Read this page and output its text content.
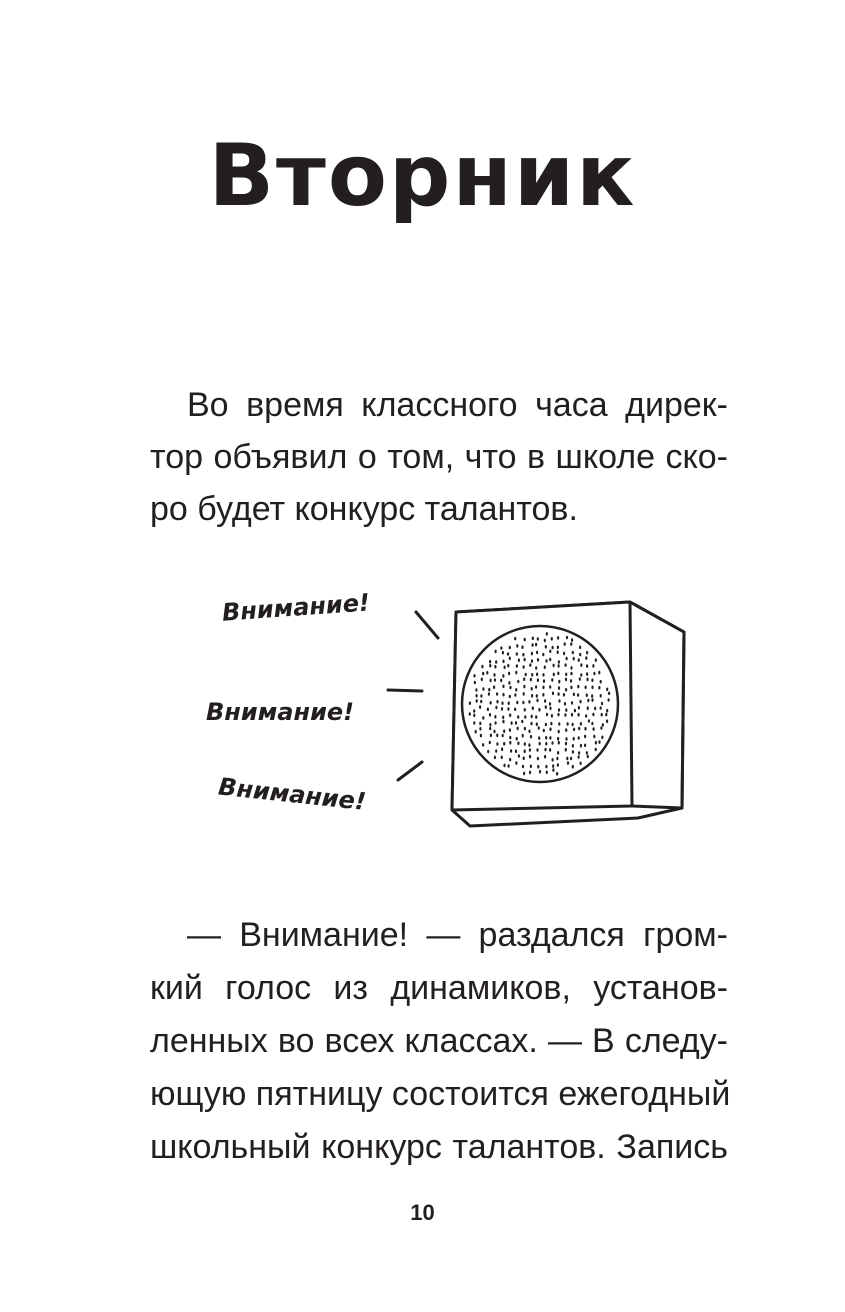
Вторник
Во время классного часа дирек-
тор объявил о том, что в школе ско-
ро будет конкурс талантов.
Внимание!
Внимание!
Внимание!
— Внимание! — раздался гром-
кий голос из динамиков, установ-
ленных во всех классах. — В следу-
ющую пятницу состоится ежегодный
школьный конкурс талантов. Запись
10
